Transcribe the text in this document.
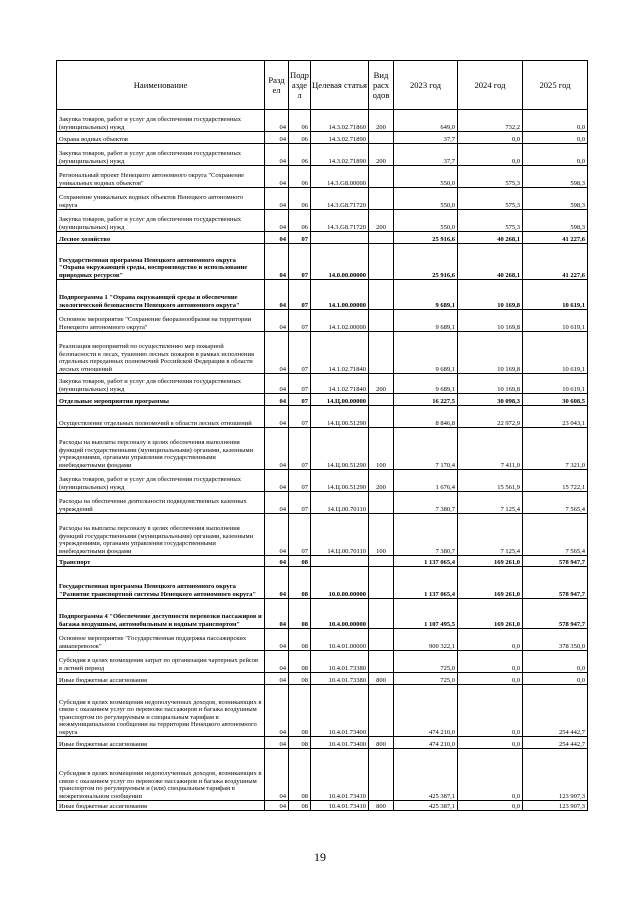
Наименование	Разд ел	Подр азде л	Целевая статья	Вид расх одов	2023 год	2024 год	2025 год
Закупка товаров, работ и услуг для обеспечения государственных (муниципальных) нужд	04	06	14.3.02.71860	200	649,0	732,2	0,0
Охрана водных объектов	04	06	14.3.02.71890		37,7	0,0	0,0
Закупка товаров, работ и услуг для обеспечения государственных (муниципальных) нужд	04	06	14.3.02.71890	200	37,7	0,0	0,0
Региональный проект Ненецкого автономного округа "Сохранение уникальных водных объектов"	04	06	14.3.G8.00000		550,0	575,3	598,3
Сохранение уникальных водных объектов Ненецкого автономного округа	04	06	14.3.G8.71720		550,0	575,3	598,3
Закупка товаров, работ и услуг для обеспечения государственных (муниципальных) нужд	04	06	14.3.G8.71720	200	550,0	575,3	598,3
Лесное хозяйство	04	07			25 916,6	40 268,1	41 227,6
Государственная программа Ненецкого автономного округа "Охрана окружающей среды, воспроизводство и использование природных ресурсов"	04	07	14.0.00.00000		25 916,6	40 268,1	41 227,6
Подпрограмма 1 "Охрана окружающей среды и обеспечение экологической безопасности Ненецкого автономного округа"	04	07	14.1.00.00000		9 689,1	10 169,8	10 619,1
Основное мероприятие "Сохранение биоразнообразия на территории Ненецкого автономного округа"	04	07	14.1.02.00000		9 689,1	10 169,8	10 619,1
Реализация мероприятий по осуществлению мер пожарной безопасности в лесах, тушению лесных пожаров в рамках исполнения отдельных переданных полномочий Российской Федерации в области лесных отношений	04	07	14.1.02.71840		9 689,1	10 169,8	10 619,1
Закупка товаров, работ и услуг для обеспечения государственных (муниципальных) нужд	04	07	14.1.02.71840	200	9 689,1	10 169,8	10 619,1
Отдельные мероприятия программы	04	07	14.Ц.00.00000		16 227,5	30 098,3	30 608,5
Осуществление отдельных полномочий в области лесных отношений	04	07	14.Ц.00.51290		8 846,8	22 972,9	23 043,1
Расходы на выплаты персоналу в целях обеспечения выполнения функций государственными (муниципальными) органами, казенными учреждениями, органами управления государственными внебюджетными фондами	04	07	14.Ц.00.51290	100	7 170,4	7 411,0	7 321,0
Закупка товаров, работ и услуг для обеспечения государственных (муниципальных) нужд	04	07	14.Ц.00.51290	200	1 676,4	15 561,9	15 722,1
Расходы на обеспечение деятельности подведомственных казенных учреждений	04	07	14.Ц.00.70110		7 380,7	7 125,4	7 565,4
Расходы на выплаты персоналу в целях обеспечения выполнения функций государственными (муниципальными) органами, казенными учреждениями, органами управления государственными внебюджетными фондами	04	07	14.Ц.00.70110	100	7 380,7	7 125,4	7 565,4
Транспорт	04	08			1 137 065,4	169 261,0	578 947,7
Государственная программа Ненецкого автономного округа "Развитие транспортной системы Ненецкого автономного округа"	04	08	10.0.00.00000		1 137 065,4	169 261,0	578 947,7
Подпрограмма 4 "Обеспечение доступности перевозки пассажиров и багажа воздушным, автомобильным и водным транспортом"	04	08	10.4.00.00000		1 107 495,5	169 261,0	578 947,7
Основное мероприятие "Государственная поддержка пассажирских авиаперевозок"	04	08	10.4.01.00000		900 322,1	0,0	378 350,0
Субсидия в целях возмещения затрат по организации чартерных рейсов в летний период	04	08	10.4.01.73380		725,0	0,0	0,0
Иные бюджетные ассигнования	04	08	10.4.01.73380	800	725,0	0,0	0,0
Субсидия в целях возмещения недополученных доходов, возникающих в связи с оказанием услуг по перевозке пассажиров и багажа воздушным транспортом по регулируемым и специальным тарифам в межмуниципальном сообщении на территории Ненецкого автономного округа	04	08	10.4.01.73400		474 210,0	0,0	254 442,7
Иные бюджетные ассигнования	04	08	10.4.01.73400	800	474 210,0	0,0	254 442,7
Субсидия в целях возмещения недополученных доходов, возникающих в связи с оказанием услуг по перевозке пассажиров и багажа воздушным транспортом по регулируемым и (или) специальным тарифам в межрегиональном сообщении	04	08	10.4.01.73410		425 387,1	0,0	123 907,3
Иные бюджетные ассигнования	04	08	10.4.01.73410	800	425 387,1	0,0	123 907,3
19
